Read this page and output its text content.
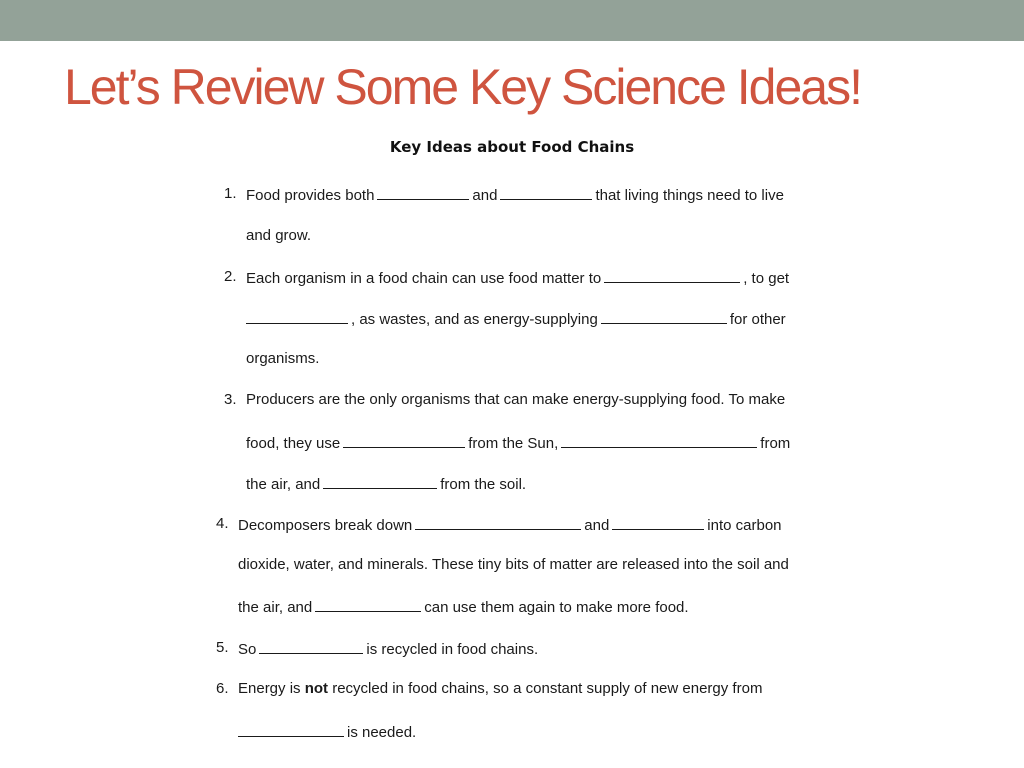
Let’s Review Some Key Science Ideas!
Key Ideas about Food Chains
1. Food provides both	and	that living things need to live
and grow.
2. Each organism in a food chain can use food matter to	, to get
, as wastes, and as energy-supplying	for other
organisms.
3. Producers are the only organisms that can make energy-supplying food. To make
food, they use	from the Sun,	from
the air, and	from the soil.
4. Decomposers break down	and	into carbon
dioxide, water, and minerals. These tiny bits of matter are released into the soil and
the air, and	can use them again to make more food.
5. So	is recycled in food chains.
6. Energy is not recycled in food chains, so a constant supply of new energy from
is needed.
